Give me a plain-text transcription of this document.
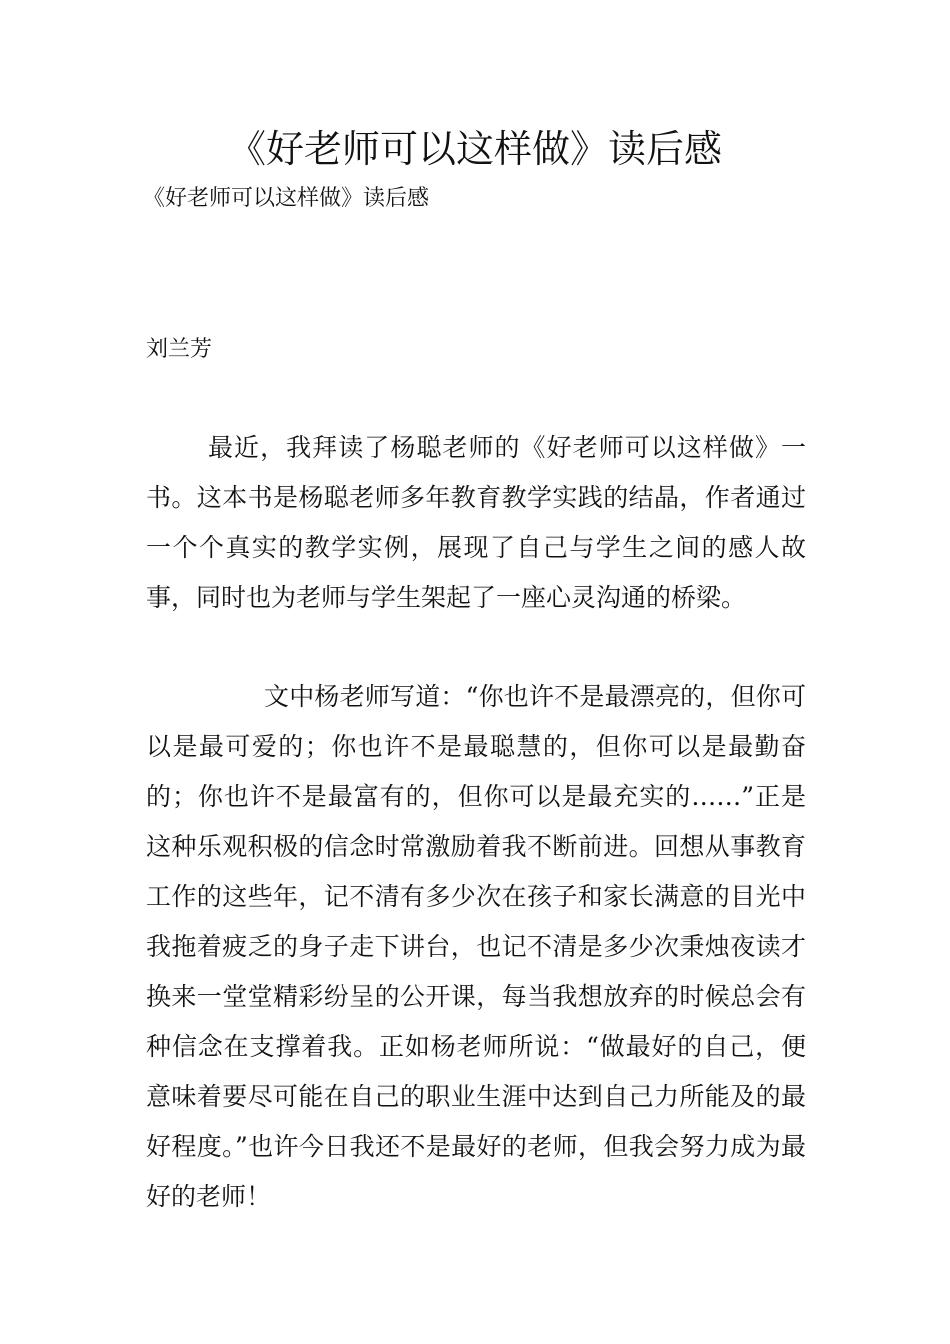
《好老师可以这样做》读后感

《好老师可以这样做》读后感

刘兰芳

最近，我拜读了杨聪老师的《好老师可以这样做》一书。这本书是杨聪老师多年教育教学实践的结晶，作者通过一个个真实的教学实例，展现了自己与学生之间的感人故事，同时也为老师与学生架起了一座心灵沟通的桥梁。

文中杨老师写道：“你也许不是最漂亮的，但你可以是最可爱的；你也许不是最聪慧的，但你可以是最勤奋的；你也许不是最富有的，但你可以是最充实的……”正是这种乐观积极的信念时常激励着我不断前进。回想从事教育工作的这些年，记不清有多少次在孩子和家长满意的目光中我拖着疲乏的身子走下讲台，也记不清是多少次秉烛夜读才换来一堂堂精彩纷呈的公开课，每当我想放弃的时候总会有种信念在支撑着我。正如杨老师所说：“做最好的自己，便意味着要尽可能在自己的职业生涯中达到自己力所能及的最好程度。”也许今日我还不是最好的老师，但我会努力成为最好的老师！
